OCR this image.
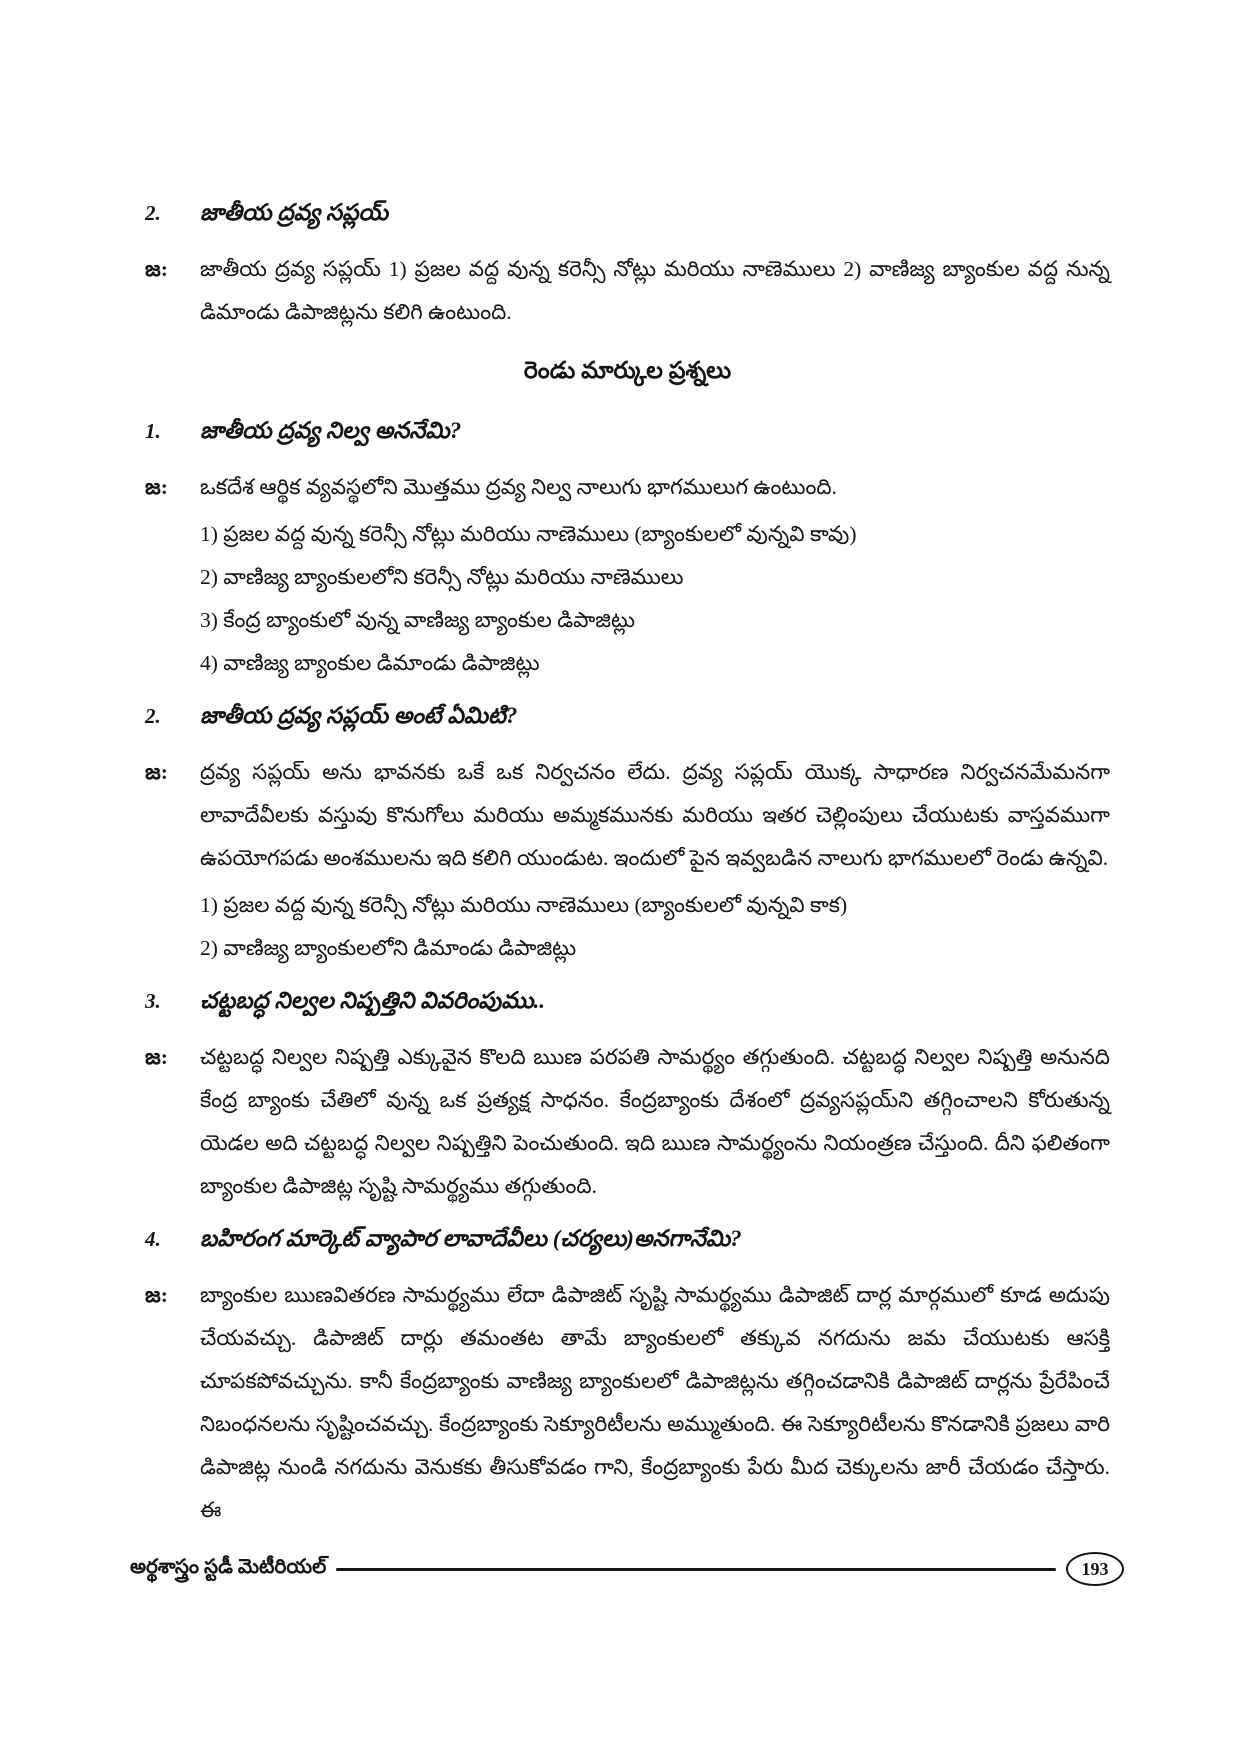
2.	జాతీయ ద్రవ్య సప్లయ్
జ:	జాతీయ ద్రవ్య సప్లయ్ 1) ప్రజల వద్ద వున్న కరెన్సీ నోట్లు మరియు నాణెములు 2) వాణిజ్య బ్యాంకుల వద్ద నున్న డిమాండు డిపాజిట్లను కలిగి ఉంటుంది.
రెండు మార్కుల ప్రశ్నలు
1.	జాతీయ ద్రవ్య నిల్వ అననేమి?
జ:	ఒకదేశ ఆర్థిక వ్యవస్థలోని మొత్తము ద్రవ్య నిల్వ నాలుగు భాగములుగ ఉంటుంది.
1) ప్రజల వద్ద వున్న కరెన్సీ నోట్లు మరియు నాణెములు (బ్యాంకులలో వున్నవి కావు)
2) వాణిజ్య బ్యాంకులలోని కరెన్సీ నోట్లు మరియు నాణెములు
3) కేంద్ర బ్యాంకులో వున్న వాణిజ్య బ్యాంకుల డిపాజిట్లు
4) వాణిజ్య బ్యాంకుల డిమాండు డిపాజిట్లు
2.	జాతీయ ద్రవ్య సప్లయ్ అంటే ఏమిటి?
జ:	ద్రవ్య సప్లయ్ అను భావనకు ఒకే ఒక నిర్వచనం లేదు. ద్రవ్య సప్లయ్ యొక్క సాధారణ నిర్వచనమేమనగా లావాదేవీలకు వస్తువు కొనుగోలు మరియు అమ్మకమునకు మరియు ఇతర చెల్లింపులు చేయుటకు వాస్తవముగా ఉపయోగపడు అంశములను ఇది కలిగి యుండుట. ఇందులో పైన ఇవ్వబడిన నాలుగు భాగములలో రెండు ఉన్నవి.
1) ప్రజల వద్ద వున్న కరెన్సీ నోట్లు మరియు నాణెములు (బ్యాంకులలో వున్నవి కాక)
2) వాణిజ్య బ్యాంకులలోని డిమాండు డిపాజిట్లు
3.	చట్టబద్ధ నిల్వల నిష్పత్తిని వివరింపుము..
జ:	చట్టబద్ధ నిల్వల నిష్పత్తి ఎక్కువైన కొలది ఋణ పరపతి సామర్థ్యం తగ్గుతుంది. చట్టబద్ధ నిల్వల నిష్పత్తి అనునది కేంద్ర బ్యాంకు చేతిలో వున్న ఒక ప్రత్యక్ష సాధనం. కేంద్రబ్యాంకు దేశంలో ద్రవ్యసప్లయ్‌ని తగ్గించాలని కోరుతున్న యెడల అది చట్టబద్ధ నిల్వల నిష్పత్తిని పెంచుతుంది. ఇది ఋణ సామర్థ్యంను నియంత్రణ చేస్తుంది. దీని ఫలితంగా బ్యాంకుల డిపాజిట్ల సృష్టి సామర్థ్యము తగ్గుతుంది.
4.	బహిరంగ మార్కెట్ వ్యాపార లావాదేవీలు (చర్యలు)అనగానేమి?
జ:	బ్యాంకుల ఋణవితరణ సామర్థ్యము లేదా డిపాజిట్ సృష్టి సామర్థ్యము డిపాజిట్ దార్ల మార్గములో కూడ అదుపు చేయవచ్చు. డిపాజిట్ దార్లు తమంతట తామే బ్యాంకులలో తక్కువ నగదును జమ చేయుటకు ఆసక్తి చూపకపోవచ్చును. కానీ కేంద్రబ్యాంకు వాణిజ్య బ్యాంకులలో డిపాజిట్లను తగ్గించడానికి డిపాజిట్ దార్లను ప్రేరేపించే నిబంధనలను సృష్టించవచ్చు. కేంద్రబ్యాంకు సెక్యూరిటీలను అమ్ముతుంది. ఈ సెక్యూరిటీలను కొనడానికి ప్రజలు వారి డిపాజిట్ల నుండి నగదును వెనుకకు తీసుకోవడం గాని, కేంద్రబ్యాంకు పేరు మీద చెక్కులను జారీ చేయడం చేస్తారు. ఈ
అర్థశాస్త్రం స్టడీ మెటీరియల్	193
